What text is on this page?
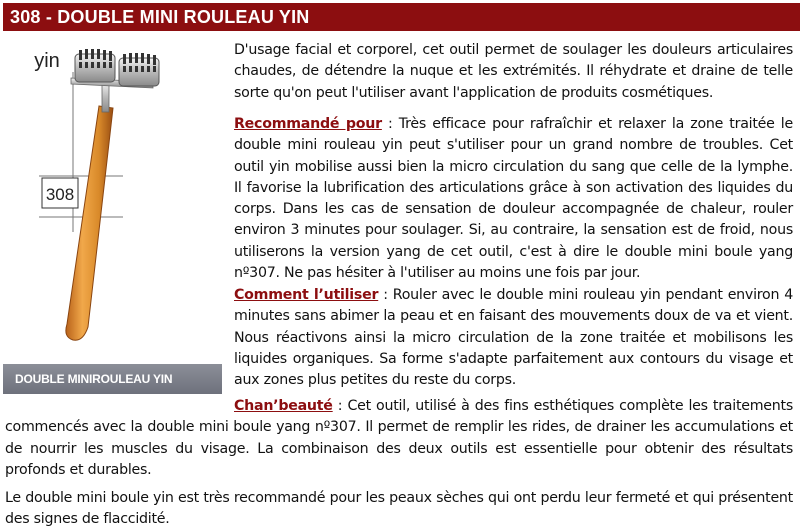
308 - DOUBLE MINI ROULEAU YIN
308
yin
DOUBLE MINIROULEAU YIN

D'usage facial et corporel, cet outil permet de soulager les douleurs articulaires chaudes, de détendre la nuque et les extrémités. Il réhydrate et draine de telle sorte qu'on peut l'utiliser avant l'application de produits cosmétiques.

Recommandé pour : Très efficace pour rafraîchir et relaxer la zone traitée le double mini rouleau yin peut s'utiliser pour un grand nombre de troubles. Cet outil yin mobilise aussi bien la micro circulation du sang que celle de la lymphe. Il favorise la lubrification des articulations grâce à son activation des liquides du corps. Dans les cas de sensation de douleur accompagnée de chaleur, rouler environ 3 minutes pour soulager. Si, au contraire, la sensation est de froid, nous utiliserons la version yang de cet outil, c'est à dire le double mini boule yang nº307. Ne pas hésiter à l'utiliser au moins une fois par jour.

Comment l’utiliser : Rouler avec le double mini rouleau yin pendant environ 4 minutes sans abimer la peau et en faisant des mouvements doux de va et vient. Nous réactivons ainsi la micro circulation de la zone traitée et mobilisons les liquides organiques. Sa forme s'adapte parfaitement aux contours du visage et aux zones plus petites du reste du corps.

Chan’beauté : Cet outil, utilisé à des fins esthétiques complète les traitements commencés avec la double mini boule yang nº307. Il permet de remplir les rides, de drainer les accumulations et de nourrir les muscles du visage. La combinaison des deux outils est essentielle pour obtenir des résultats profonds et durables.

Le double mini boule yin est très recommandé pour les peaux sèches qui ont perdu leur fermeté et qui présentent des signes de flaccidité.
